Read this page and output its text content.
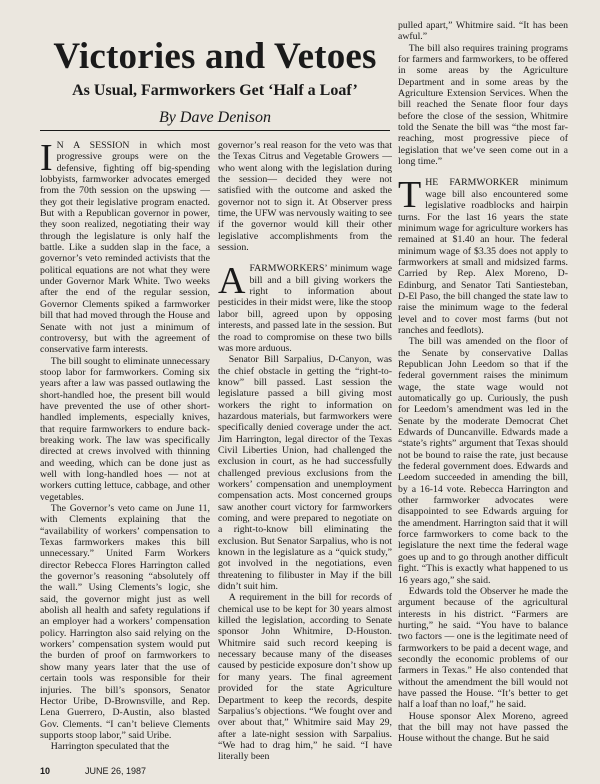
Victories and Vetoes
As Usual, Farmworkers Get ‘Half a Loaf’
By Dave Denison

I N A SESSION in which most progressive groups were on the defensive, fighting off big-spending lobbyists, farmworker advocates emerged from the 70th session on the upswing — they got their legislative program enacted. But with a Republican governor in power, they soon realized, negotiating their way through the legislature is only half the battle. Like a sudden slap in the face, a governor’s veto reminded activists that the political equations are not what they were under Governor Mark White. Two weeks after the end of the regular session, Governor Clements spiked a farmworker bill that had moved through the House and Senate with not just a minimum of controversy, but with the agreement of conservative farm interests.

The bill sought to eliminate unnecessary stoop labor for farmworkers. Coming six years after a law was passed outlawing the short-handled hoe, the present bill would have prevented the use of other short-handled implements, especially knives, that require farmworkers to endure back-breaking work. The law was specifically directed at crews involved with thinning and weeding, which can be done just as well with long-handled hoes — not at workers cutting lettuce, cabbage, and other vegetables.

The Governor’s veto came on June 11, with Clements explaining that the “availability of workers’ compensation to Texas farmworkers makes this bill unnecessary.” United Farm Workers director Rebecca Flores Harrington called the governor’s reasoning “absolutely off the wall.” Using Clements’s logic, she said, the governor might just as well abolish all health and safety regulations if an employer had a workers’ compensation policy. Harrington also said relying on the workers’ compensation system would put the burden of proof on farmworkers to show many years later that the use of certain tools was responsible for their injuries. The bill’s sponsors, Senator Hector Uribe, D-Brownsville, and Rep. Lena Guerrero, D-Austin, also blasted Gov. Clements. “I can’t believe Clements supports stoop labor,” said Uribe.

Harrington speculated that the

governor’s real reason for the veto was that the Texas Citrus and Vegetable Growers — who went along with the legislation during the session— decided they were not satisfied with the outcome and asked the governor not to sign it. At Observer press time, the UFW was nervously waiting to see if the governor would kill their other legislative accomplishments from the session.

AFARMWORKERS’ minimum wage bill and a bill giving workers the right to information about pesticides in their midst were, like the stoop labor bill, agreed upon by opposing interests, and passed late in the session. But the road to compromise on these two bills was more arduous.

Senator Bill Sarpalius, D-Canyon, was the chief obstacle in getting the “right-to-know” bill passed. Last session the legislature passed a bill giving most workers the right to information on hazardous materials, but farmworkers were specifically denied coverage under the act. Jim Harrington, legal director of the Texas Civil Liberties Union, had challenged the exclusion in court, as he had successfully challenged previous exclusions from the workers’ compensation and unemployment compensation acts. Most concerned groups saw another court victory for farmworkers coming, and were prepared to negotiate on a right-to-know bill eliminating the exclusion. But Senator Sarpalius, who is not known in the legislature as a “quick study,” got involved in the negotiations, even threatening to filibuster in May if the bill didn’t suit him.

A requirement in the bill for records of chemical use to be kept for 30 years almost killed the legislation, according to Senate sponsor John Whitmire, D-Houston. Whitmire said such record keeping is necessary because many of the diseases caused by pesticide exposure don’t show up for many years. The final agreement provided for the state Agriculture Department to keep the records, despite Sarpalius’s objections. “We fought over and over about that,” Whitmire said May 29, after a late-night session with Sarpalius. “We had to drag him,” he said. “I have literally been

pulled apart,” Whitmire said. “It has been awful.”

The bill also requires training programs for farmers and farmworkers, to be offered in some areas by the Agriculture Department and in some areas by the Agriculture Extension Services. When the bill reached the Senate floor four days before the close of the session, Whitmire told the Senate the bill was “the most far-reaching, most progressive piece of legislation that we’ve seen come out in a long time.”

THE FARMWORKER minimum wage bill also encountered some legislative roadblocks and hairpin turns. For the last 16 years the state minimum wage for agriculture workers has remained at $1.40 an hour. The federal minimum wage of $3.35 does not apply to farmworkers at small and midsized farms. Carried by Rep. Alex Moreno, D-Edinburg, and Senator Tati Santiesteban, D-El Paso, the bill changed the state law to raise the minimum wage to the federal level and to cover most farms (but not ranches and feedlots).

The bill was amended on the floor of the Senate by conservative Dallas Republican John Leedom so that if the federal government raises the minimum wage, the state wage would not automatically go up. Curiously, the push for Leedom’s amendment was led in the Senate by the moderate Democrat Chet Edwards of Duncanville. Edwards made a “state’s rights” argument that Texas should not be bound to raise the rate, just because the federal government does. Edwards and Leedom succeeded in amending the bill, by a 16-14 vote. Rebecca Harrington and other farmworker advocates were disappointed to see Edwards arguing for the amendment. Harrington said that it will force farmworkers to come back to the legislature the next time the federal wage goes up and to go through another difficult fight. “This is exactly what happened to us 16 years ago,” she said.

Edwards told the Observer he made the argument because of the agricultural interests in his district. “Farmers are hurting,” he said. “You have to balance two factors — one is the legitimate need of farmworkers to be paid a decent wage, and secondly the economic problems of our farmers in Texas.” He also contended that without the amendment the bill would not have passed the House. “It’s better to get half a loaf than no loaf,” he said.

House sponsor Alex Moreno, agreed that the bill may not have passed the House without the change. But he said

10	JUNE 26, 1987
